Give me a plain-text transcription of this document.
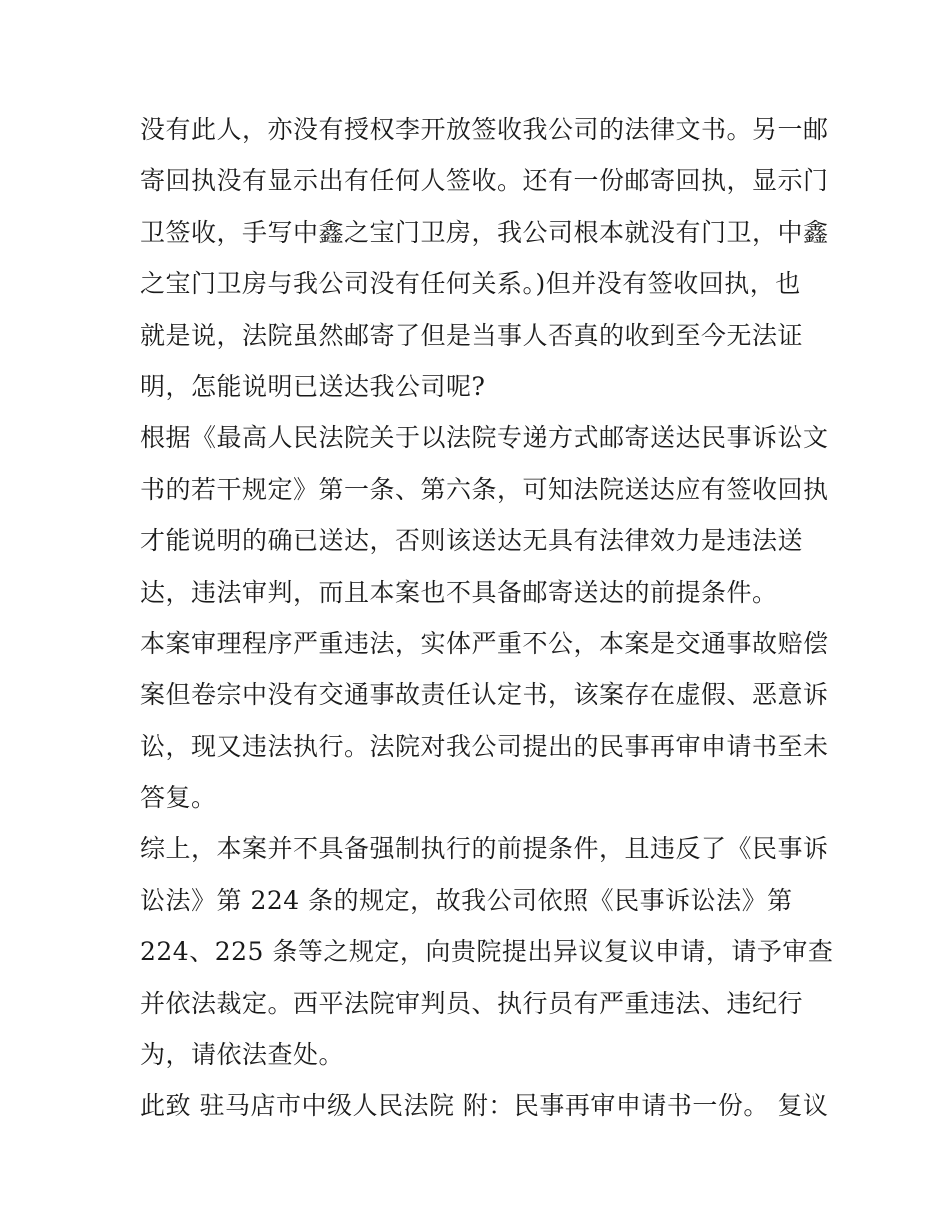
没有此人，亦没有授权李开放签收我公司的法律文书。另一邮
寄回执没有显示出有任何人签收。还有一份邮寄回执，显示门
卫签收，手写中鑫之宝门卫房，我公司根本就没有门卫，中鑫
之宝门卫房与我公司没有任何关系。)但并没有签收回执，也
就是说，法院虽然邮寄了但是当事人否真的收到至今无法证
明，怎能说明已送达我公司呢?
根据《最高人民法院关于以法院专递方式邮寄送达民事诉讼文
书的若干规定》第一条、第六条，可知法院送达应有签收回执
才能说明的确已送达，否则该送达无具有法律效力是违法送
达，违法审判，而且本案也不具备邮寄送达的前提条件。
本案审理程序严重违法，实体严重不公，本案是交通事故赔偿
案但卷宗中没有交通事故责任认定书，该案存在虚假、恶意诉
讼，现又违法执行。法院对我公司提出的民事再审申请书至未
答复。
综上，本案并不具备强制执行的前提条件，且违反了《民事诉
讼法》第 224 条的规定，故我公司依照《民事诉讼法》第
224、225 条等之规定，向贵院提出异议复议申请，请予审查
并依法裁定。西平法院审判员、执行员有严重违法、违纪行
为，请依法查处。
此致 驻马店市中级人民法院 附：民事再审申请书一份。 复议
